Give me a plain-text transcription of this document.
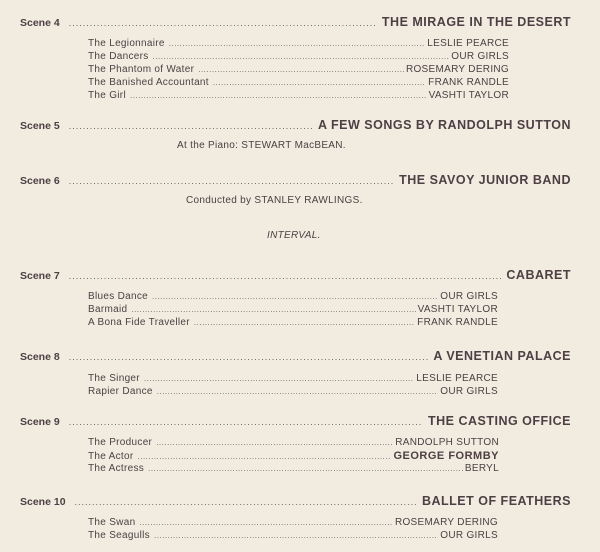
Scene 4 .....	THE MIRAGE IN THE DESERT
The Legionnaire .....	LESLIE PEARCE
The Dancers .....	OUR GIRLS
The Phantom of Water .....	ROSEMARY DERING
The Banished Accountant .....	FRANK RANDLE
The Girl .....	VASHTI TAYLOR
Scene 5 .....	A FEW SONGS BY RANDOLPH SUTTON
At the Piano: STEWART MacBEAN.
Scene 6 .....	THE SAVOY JUNIOR BAND
Conducted by STANLEY RAWLINGS.
INTERVAL.
Scene 7 .....	CABARET
Blues Dance .....	OUR GIRLS
Barmaid .....	VASHTI TAYLOR
A Bona Fide Traveller .....	FRANK RANDLE
Scene 8 .....	A VENETIAN PALACE
The Singer .....	LESLIE PEARCE
Rapier Dance .....	OUR GIRLS
Scene 9 .....	THE CASTING OFFICE
The Producer .....	RANDOLPH SUTTON
The Actor .....	GEORGE FORMBY
The Actress .....	BERYL
Scene 10 .....	BALLET OF FEATHERS
The Swan .....	ROSEMARY DERING
The Seagulls .....	OUR GIRLS
